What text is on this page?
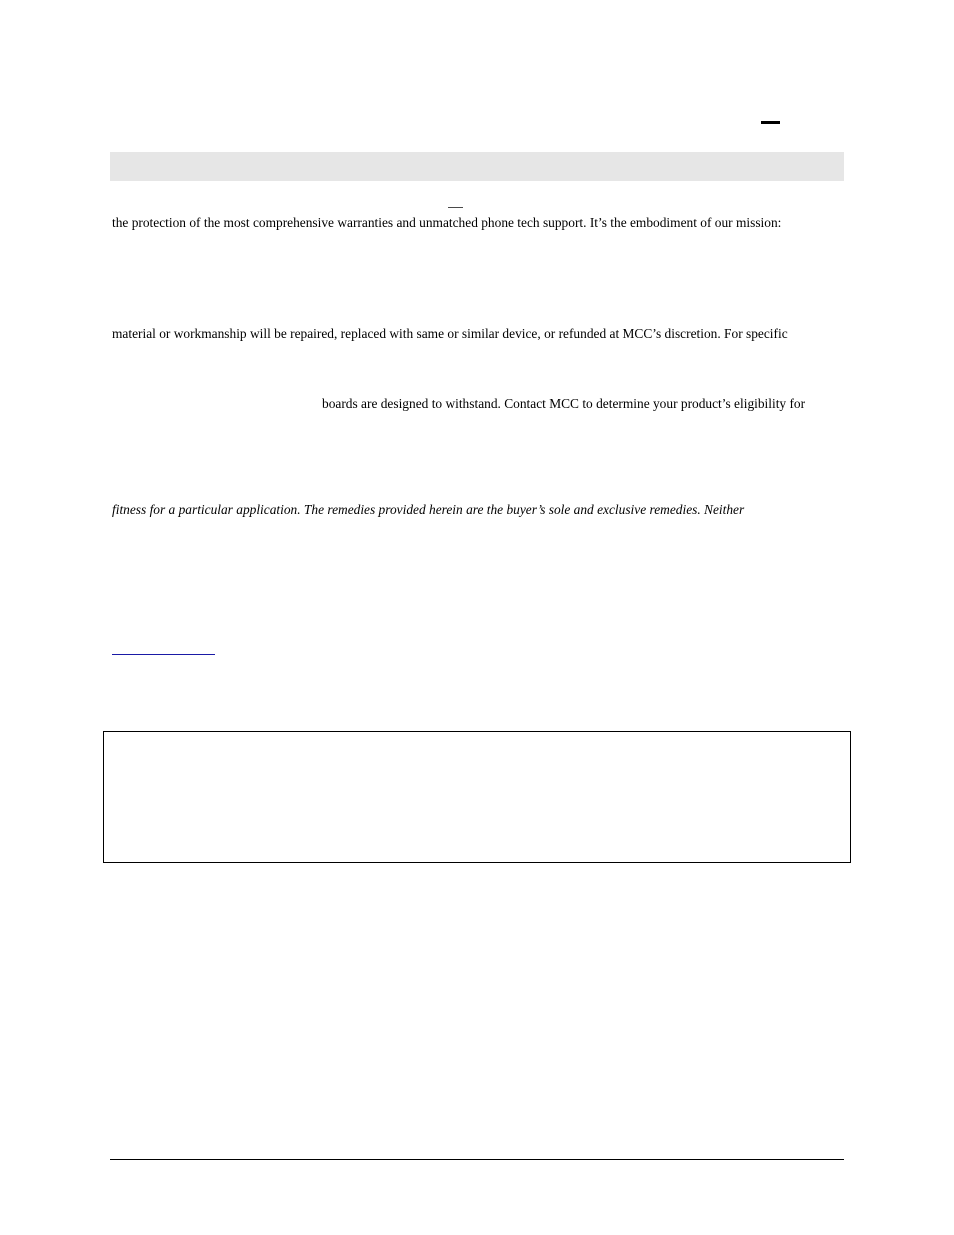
the protection of the most comprehensive warranties and unmatched phone tech support. It’s the embodiment of our mission:

material or workmanship will be repaired, replaced with same or similar device, or refunded at MCC’s discretion. For specific

boards are designed to withstand. Contact MCC to determine your product’s eligibility for

fitness for a particular application. The remedies provided herein are the buyer’s sole and exclusive remedies. Neither
